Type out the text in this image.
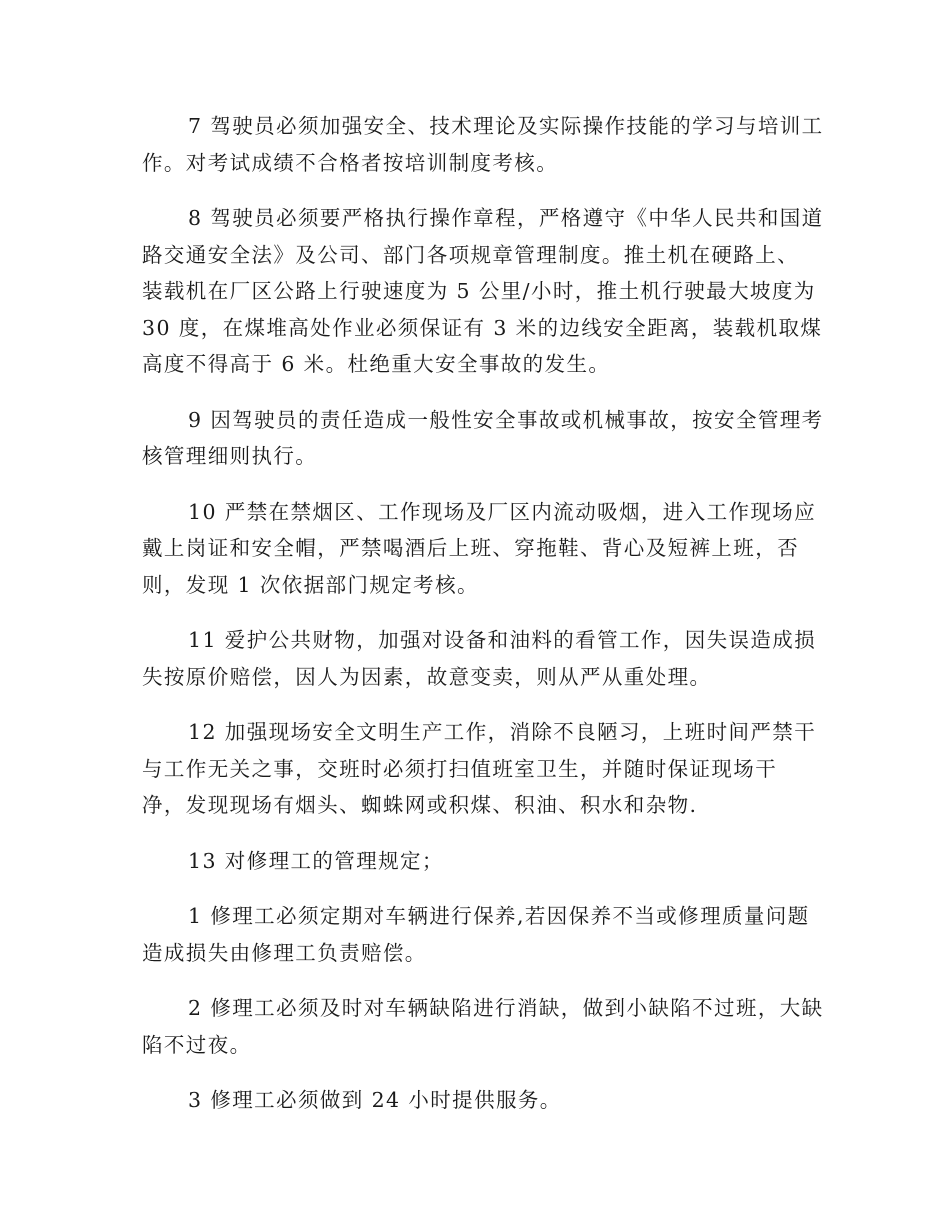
7 驾驶员必须加强安全、技术理论及实际操作技能的学习与培训工
作。对考试成绩不合格者按培训制度考核。

8 驾驶员必须要严格执行操作章程，严格遵守《中华人民共和国道
路交通安全法》及公司、部门各项规章管理制度。推土机在硬路上、
装载机在厂区公路上行驶速度为 5 公里/小时，推土机行驶最大坡度为
30 度，在煤堆高处作业必须保证有 3 米的边线安全距离，装载机取煤
高度不得高于 6 米。杜绝重大安全事故的发生。

9 因驾驶员的责任造成一般性安全事故或机械事故，按安全管理考
核管理细则执行。

10 严禁在禁烟区、工作现场及厂区内流动吸烟，进入工作现场应
戴上岗证和安全帽，严禁喝酒后上班、穿拖鞋、背心及短裤上班，否
则，发现 1 次依据部门规定考核。

11 爱护公共财物，加强对设备和油料的看管工作，因失误造成损
失按原价赔偿，因人为因素，故意变卖，则从严从重处理。

12 加强现场安全文明生产工作，消除不良陋习，上班时间严禁干
与工作无关之事，交班时必须打扫值班室卫生，并随时保证现场干
净，发现现场有烟头、蜘蛛网或积煤、积油、积水和杂物.

13 对修理工的管理规定；

1 修理工必须定期对车辆进行保养,若因保养不当或修理质量问题
造成损失由修理工负责赔偿。

2 修理工必须及时对车辆缺陷进行消缺，做到小缺陷不过班，大缺
陷不过夜。

3 修理工必须做到 24 小时提供服务。
